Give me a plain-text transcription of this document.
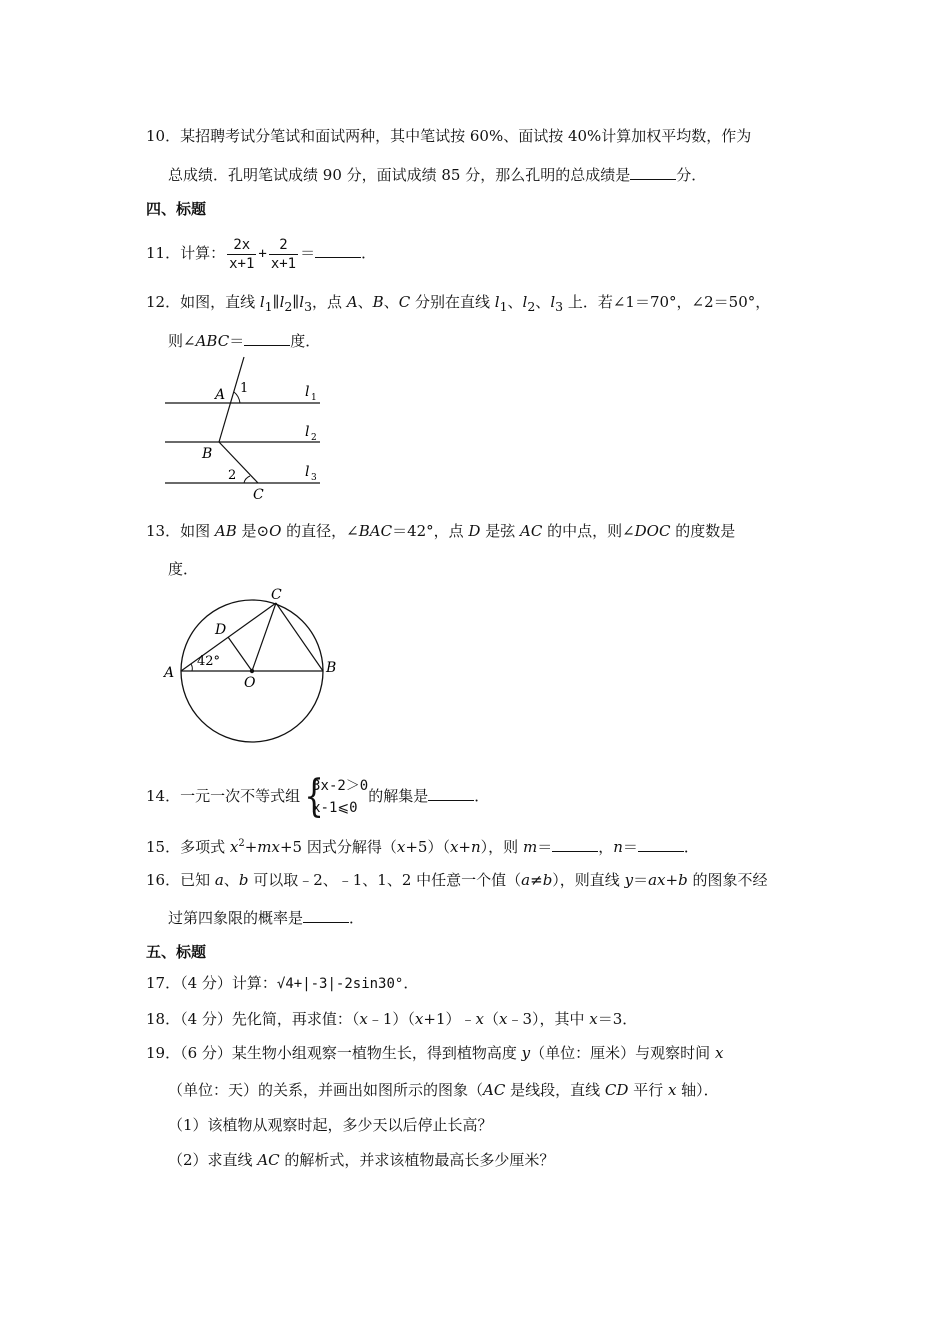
10．某招聘考试分笔试和面试两种，其中笔试按 60%、面试按 40%计算加权平均数，作为
总成绩．孔明笔试成绩 90 分，面试成绩 85 分，那么孔明的总成绩是	分．
四、标题
11．计算： $\frac{2x}{x+1} + \frac{2}{x+1}$ ＝	．
12．如图，直线 $l_1\parallel l_2\parallel l_3$，点 A、B、C 分别在直线 $l_1$、$l_2$、$l_3$ 上．若∠1＝70°，∠2＝50°，
则∠ABC＝	度．
A 1
B
2
C
l 1
l 2
l 3
13．如图 AB 是⊙O 的直径，∠BAC＝42°，点 D 是弦 AC 的中点，则∠DOC 的度数是
度．
A	B
C
D
O
42°
14．一元一次不等式组 {
3x-2＞0
x-1⩽0
的解集是	．
15．多项式 $x^2+mx+5$ 因式分解得（x+5）（x+n），则 m＝	，n＝	．
16．已知 a、b 可以取﹣2、﹣1、1、2 中任意一个值（a≠b），则直线 y＝ax+b 的图象不经
过第四象限的概率是	．
五、标题
17．（4 分）计算：√4+|-3|-2sin30°．
18．（4 分）先化简，再求值：（x﹣1）（x+1）﹣x（x﹣3），其中 x＝3．
19．（6 分）某生物小组观察一植物生长，得到植物高度 y（单位：厘米）与观察时间 x
（单位：天）的关系，并画出如图所示的图象（AC 是线段，直线 CD 平行 x 轴）．
（1）该植物从观察时起，多少天以后停止长高？
（2）求直线 AC 的解析式，并求该植物最高长多少厘米？
